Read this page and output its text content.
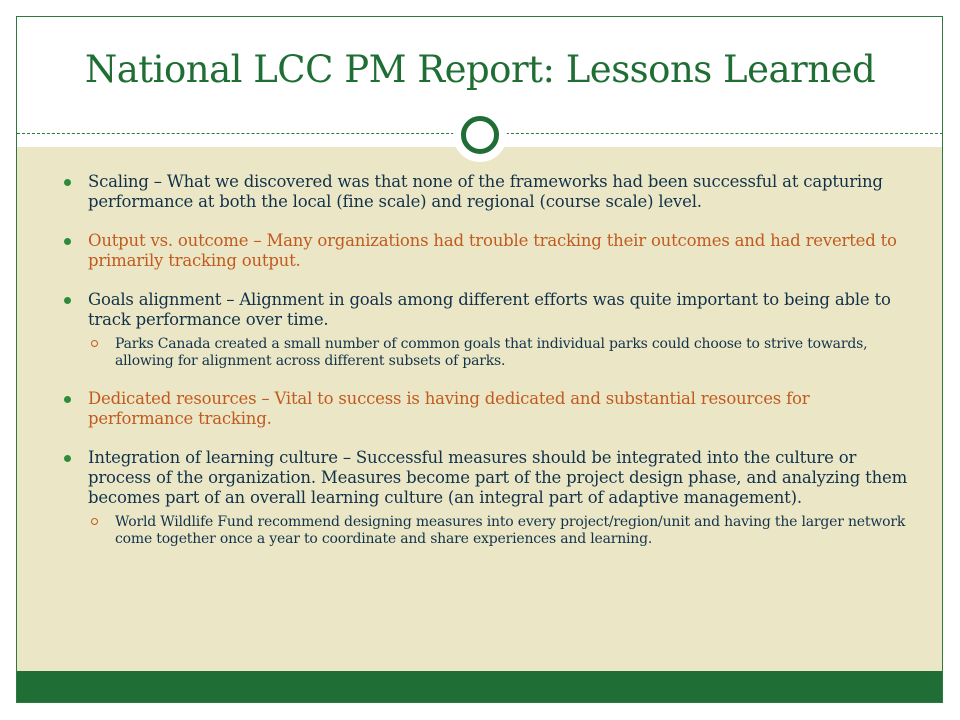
National LCC PM Report: Lessons Learned
Scaling – What we discovered was that none of the frameworks had been successful at capturing performance at both the local (fine scale) and regional (course scale) level.
Output vs. outcome – Many organizations had trouble tracking their outcomes and had reverted to primarily tracking output.
Goals alignment – Alignment in goals among different efforts was quite important to being able to track performance over time.
Parks Canada created a small number of common goals that individual parks could choose to strive towards, allowing for alignment across different subsets of parks.
Dedicated resources – Vital to success is having dedicated and substantial resources for performance tracking.
Integration of learning culture – Successful measures should be integrated into the culture or process of the organization. Measures become part of the project design phase, and analyzing them becomes part of an overall learning culture (an integral part of adaptive management).
World Wildlife Fund recommend designing measures into every project/region/unit and having the larger network come together once a year to coordinate and share experiences and learning.
